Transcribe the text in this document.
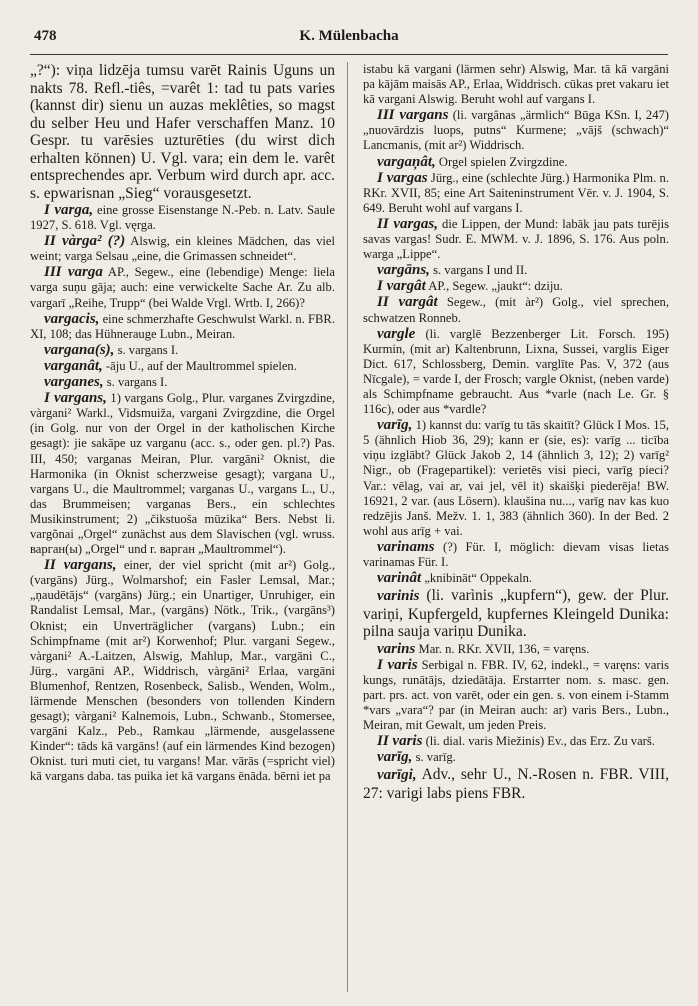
478	K. Mülenbacha

„?“): viņa lidzēja tumsu varēt Rainis Uguns un nakts 78. Refl.-tiês, =varêt 1: tad tu pats varies (kannst dir) sienu un auzas meklêties, so magst du selber Heu und Hafer verschaffen Manz. 10 Gespr. tu varēsies uzturēties (du wirst dich erhalten können) U. Vgl. vara; ein dem le. varêt entsprechendes apr. Verbum wird durch apr. acc. s. epwarisnan „Sieg“ vorausgesetzt.

I varga, eine grosse Eisenstange N.-Peb. n. Latv. Saule 1927, S. 618. Vgl. vęrga.

II vàrga² (?) Alswig, ein kleines Mädchen, das viel weint; varga Selsau „eine, die Grimassen schneidet“.

III varga AP., Segew., eine (lebendige) Menge: liela varga suņu gāja; auch: eine verwickelte Sache Ar. Zu alb. vargarī „Reihe, Trupp“ (bei Walde Vrgl. Wrtb. I, 266)?

vargacis, eine schmerzhafte Geschwulst Warkl. n. FBR. XI, 108; das Hühnerauge Lubn., Meiran.

vargana(s), s. vargans I.

varganât, -āju U., auf der Maultrommel spielen.

varganes, s. vargans I.

I vargans, 1) vargans Golg., Plur. varganes Zvirgzdine, vàrgani² Warkl., Vidsmuiža, vargani Zvirgzdine, die Orgel (in Golg. nur von der Orgel in der katholischen Kirche gesagt): jie sakāpe uz varganu (acc. s., oder gen. pl.?) Pas. III, 450; varganas Meiran, Plur. vargāni² Oknist, die Harmonika (in Oknist scherzweise gesagt); vargana U., vargans U., die Maultrommel; varganas U., vargans L., U., das Brummeisen; varganas Bers., ein schlechtes Musikinstrument; 2) „čikstuoša mūzika“ Bers. Nebst li. vargõnai „Orgel“ zunächst aus dem Slavischen (vgl. wruss. варган(ы) „Orgel“ und r. варган „Maultrommel“).

II vargans, einer, der viel spricht (mit ar²) Golg., (vargāns) Jürg., Wolmarshof; ein Fasler Lemsal, Mar.; „ņaudētājs“ (vargāns) Jürg.; ein Unartiger, Unruhiger, ein Randalist Lemsal, Mar., (vargāns) Nötk., Trik., (vargāns³) Oknist; ein Unverträglicher (vargans) Lubn.; ein Schimpfname (mit ar²) Korwenhof; Plur. vargani Segew., vàrgani² A.-Laitzen, Alswig, Mahlup, Mar., vargāni C., Jürg., vargāni AP., Widdrisch, vàrgāni² Erlaa, vargāni Blumenhof, Rentzen, Rosenbeck, Salisb., Wenden, Wolm., lärmende Menschen (besonders von tollenden Kindern gesagt); vàrgani² Kalnemois, Lubn., Schwanb., Stomersee, vargāni Kalz., Peb., Ramkau „lärmende, ausgelassene Kinder“: tāds kā vargāns! (auf ein lärmendes Kind bezogen) Oknist. turi muti ciet, tu vargans! Mar. vārās (=spricht viel) kā vargans daba. tas puika iet kā vargans ēnāda. bērni iet pa

istabu kā vargani (lärmen sehr) Alswig, Mar. tā kā vargāni pa kājām maisās AP., Erlaa, Widdrisch. cūkas pret vakaru iet kā vargani Alswig. Beruht wohl auf vargans I.

III vargans (li. vargânas „ärmlich“ Būga KSn. I, 247) „nuovārdzis luops, putns“ Kurmene; „vājš (schwach)“ Lancmanis, (mit ar²) Widdrisch.

vargaņât, Orgel spielen Zvirgzdine.

I vargas Jürg., eine (schlechte Jürg.) Harmonika Plm. n. RKr. XVII, 85; eine Art Saiteninstrument Vēr. v. J. 1904, S. 649. Beruht wohl auf vargans I.

II vargas, die Lippen, der Mund: labāk jau pats turējis savas vargas! Sudr. E. MWM. v. J. 1896, S. 176. Aus poln. warga „Lippe“.

vargāns, s. vargans I und II.

I vargât AP., Segew. „jaukt“: dziju.

II vargât Segew., (mit àr²) Golg., viel sprechen, schwatzen Ronneb.

vargle (li. varglē Bezzenberger Lit. Forsch. 195) Kurmin, (mit ar) Kaltenbrunn, Lixna, Sussei, varglis Eiger Dict. 617, Schlossberg, Demin. varglīte Pas. V, 372 (aus Nīcgale), = varde I, der Frosch; vargle Oknist, (neben varde) als Schimpfname gebraucht. Aus *varle (nach Le. Gr. § 116c), oder aus *vardle?

varīg, 1) kannst du: varīg tu tās skaitīt? Glück I Mos. 15, 5 (ähnlich Hiob 36, 29); kann er (sie, es): varīg ... ticība viņu izglābt? Glück Jakob 2, 14 (ähnlich 3, 12); 2) varīg² Nigr., ob (Fragepartikel): verietēs visi pieci, varīg pieci? Var.: vēlag, vai ar, vai jel, vēl it) skaišķi piederēja! BW. 16921, 2 var. (aus Lösern). klaušina nu..., varīg nav kas kuo redzējis Janš. Mežv. 1. 1, 383 (ähnlich 360). In der Bed. 2 wohl aus arīg + vai.

varinams (?) Für. I, möglich: dievam visas lietas varinamas Für. I.

varinât „knibināt“ Oppekaln.

varinis (li. varìnis „kupfern“), gew. der Plur. variņi, Kupfergeld, kupfernes Kleingeld Dunika: pilna sauja variņu Dunika.

varins Mar. n. RKr. XVII, 136, = varęns.

I varis Serbigal n. FBR. IV, 62, indekl., = varęns: varis kungs, runātājs, dziedātāja. Erstarrter nom. s. masc. gen. part. prs. act. von varēt, oder ein gen. s. von einem i-Stamm *vars „vara“? par (in Meiran auch: ar) varis Bers., Lubn., Meiran, mit Gewalt, um jeden Preis.

II varis (li. dial. varis Miežinis) Ev., das Erz. Zu varš.

varīg, s. varīg.

varīgi, Adv., sehr U., N.-Rosen n. FBR. VIII, 27: varigi labs piens FBR.
